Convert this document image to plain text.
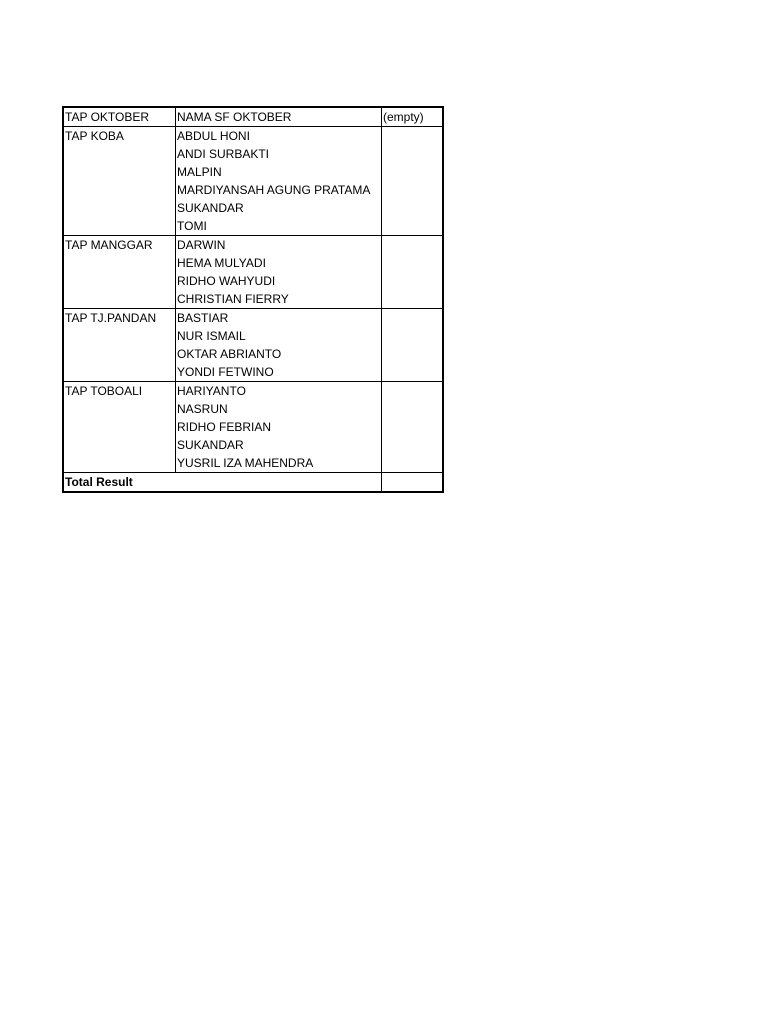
TAP OKTOBER	NAMA SF OKTOBER	(empty)
TAP KOBA	ABDUL HONI	
	ANDI SURBAKTI	
	MALPIN	
	MARDIYANSAH AGUNG PRATAMA	
	SUKANDAR	
	TOMI	
TAP MANGGAR	DARWIN	
	HEMA MULYADI	
	RIDHO WAHYUDI	
	CHRISTIAN FIERRY	
TAP TJ.PANDAN	BASTIAR	
	NUR ISMAIL	
	OKTAR ABRIANTO	
	YONDI FETWINO	
TAP TOBOALI	HARIYANTO	
	NASRUN	
	RIDHO FEBRIAN	
	SUKANDAR	
	YUSRIL IZA MAHENDRA	
Total Result		
